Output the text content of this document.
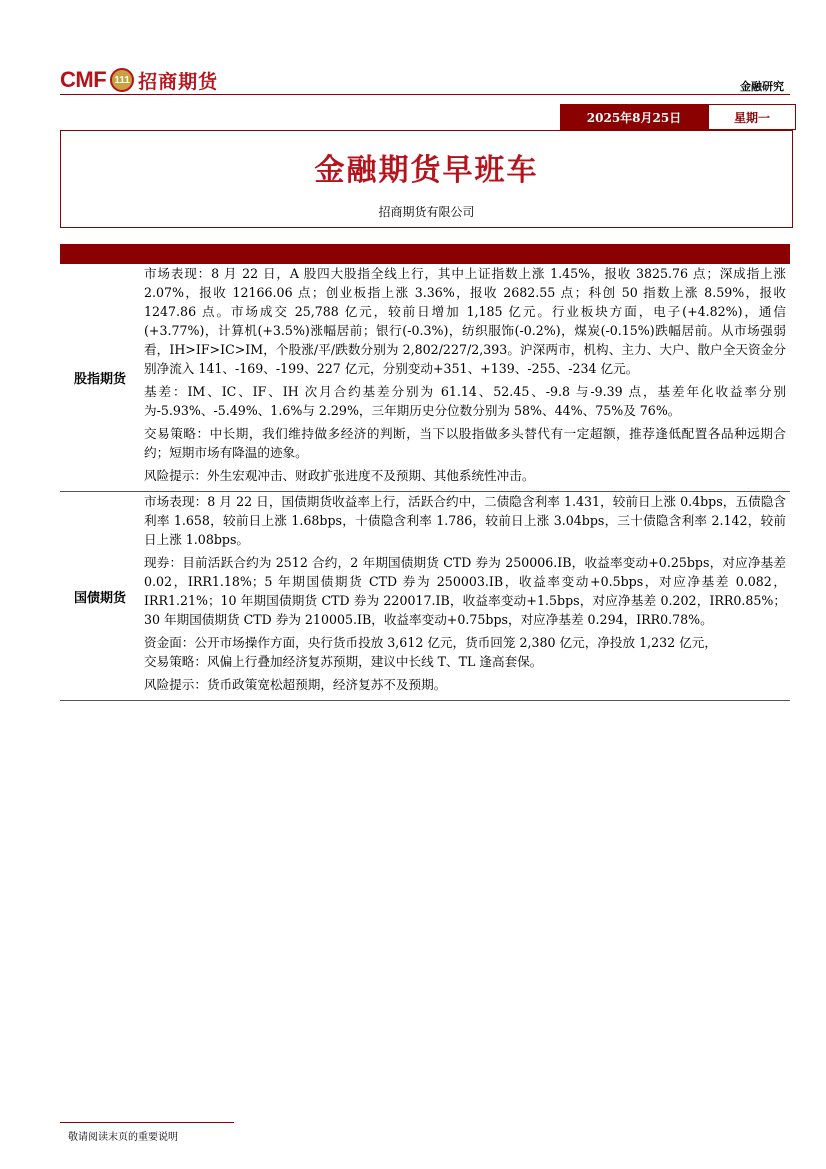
CMF 111 招商期货	金融研究
2025年8月25日	星期一
金融期货早班车
招商期货有限公司
股指期货

市场表现：8 月 22 日，A 股四大股指全线上行，其中上证指数上涨 1.45%，报收 3825.76 点；深成指上涨 2.07%，报收 12166.06 点；创业板指上涨 3.36%，报收 2682.55 点；科创 50 指数上涨 8.59%，报收 1247.86 点。市场成交 25,788 亿元，较前日增加 1,185 亿元。行业板块方面，电子(+4.82%)，通信(+3.77%)，计算机(+3.5%)涨幅居前；银行(-0.3%)，纺织服饰(-0.2%)，煤炭(-0.15%)跌幅居前。从市场强弱看，IH>IF>IC>IM，个股涨/平/跌数分别为 2,802/227/2,393。沪深两市，机构、主力、大户、散户全天资金分别净流入 141、-169、-199、227 亿元，分别变动+351、+139、-255、-234 亿元。

基差：IM、IC、IF、IH 次月合约基差分别为 61.14、52.45、-9.8 与-9.39 点，基差年化收益率分别为-5.93%、-5.49%、1.6%与 2.29%，三年期历史分位数分别为 58%、44%、75%及 76%。

交易策略：中长期，我们维持做多经济的判断，当下以股指做多头替代有一定超额，推荐逢低配置各品种远期合约；短期市场有降温的迹象。

风险提示：外生宏观冲击、财政扩张进度不及预期、其他系统性冲击。

国债期货

市场表现：8 月 22 日，国债期货收益率上行，活跃合约中，二债隐含利率 1.431，较前日上涨 0.4bps，五债隐含利率 1.658，较前日上涨 1.68bps，十债隐含利率 1.786，较前日上涨 3.04bps，三十债隐含利率 2.142，较前日上涨 1.08bps。

现券：目前活跃合约为 2512 合约，2 年期国债期货 CTD 券为 250006.IB，收益率变动+0.25bps，对应净基差 0.02，IRR1.18%；5 年期国债期货 CTD 券为 250003.IB，收益率变动+0.5bps，对应净基差 0.082，IRR1.21%；10 年期国债期货 CTD 券为 220017.IB，收益率变动+1.5bps，对应净基差 0.202，IRR0.85%；30 年期国债期货 CTD 券为 210005.IB，收益率变动+0.75bps，对应净基差 0.294，IRR0.78%。

资金面：公开市场操作方面，央行货币投放 3,612 亿元，货币回笼 2,380 亿元，净投放 1,232 亿元，

交易策略：风偏上行叠加经济复苏预期，建议中长线 T、TL 逢高套保。

风险提示：货币政策宽松超预期，经济复苏不及预期。

敬请阅读末页的重要说明
